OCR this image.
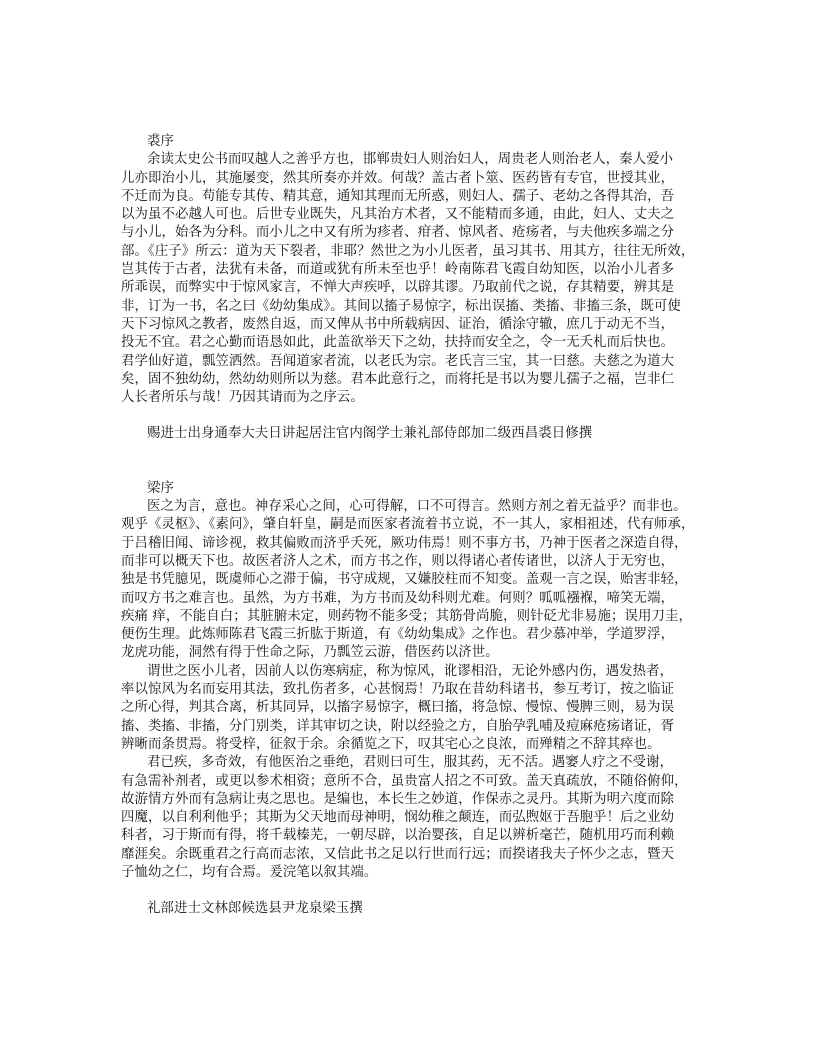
裘序
余读太史公书而叹越人之善乎方也，邯郸贵妇人则治妇人，周贵老人则治老人，秦人爱小
儿亦即治小儿，其施屡变，然其所奏亦并效。何哉？盖古者卜筮、医药皆有专官，世授其业，
不迁而为良。苟能专其传、精其意，通知其理而无所惑，则妇人、孺子、老幼之各得其治，吾
以为虽不必越人可也。后世专业既失，凡其治方术者，又不能精而多通，由此，妇人、丈夫之
与小儿，始各为分科。而小儿之中又有所为疹者、疳者、惊风者、疮疡者，与夫他疾多端之分
部。《庄子》所云：道为天下裂者，非耶？然世之为小儿医者，虽习其书、用其方，往往无所效，
岂其传于古者，法犹有未备，而道或犹有所未至也乎！岭南陈君飞霞自幼知医，以治小儿者多
所乖误，而弊实中于惊风家言，不惮大声疾呼，以辟其谬。乃取前代之说，存其精要，辨其是
非，订为一书，名之曰《幼幼集成》。其间以搐子易惊字，标出误搐、类搐、非搐三条，既可使
天下习惊风之教者，废然自返，而又俾从书中所载病因、证治，循涂守辙，庶几于动无不当，
投无不宜。君之心勤而语恳如此，此盖欲举天下之幼，扶持而安全之，令一无夭札而后快也。
君学仙好道，瓢笠洒然。吾闻道家者流，以老氏为宗。老氏言三宝，其一曰慈。夫慈之为道大
矣，固不独幼幼，然幼幼则所以为慈。君本此意行之，而将托是书以为婴儿孺子之福，岂非仁
人长者所乐与哉！乃因其请而为之序云。
赐进士出身通奉大夫日讲起居注官内阁学士兼礼部侍郎加二级西昌裘日修撰
梁序
医之为言，意也。神存采心之间，心可得解，口不可得言。然则方剂之着无益乎？而非也。
观乎《灵枢》、《素问》，肇自轩皇，嗣是而医家者流着书立说，不一其人，家相祖述，代有师承，
于吕稽旧闻、谛诊视，救其偏败而济乎夭死，厥功伟焉！则不事方书，乃神于医者之深造自得，
而非可以概天下也。故医者济人之术，而方书之作，则以得诸心者传诸世，以济人于无穷也，
独是书凭臆见，既虞师心之滞于偏，书守成规，又嫌胶柱而不知变。盖观一言之误，贻害非轻，
而叹方书之难言也。虽然，为方书难，为方书而及幼科则尤难。何则？呱呱襁褓，啼笑无端，
疾痛 痒，不能自白；其脏腑未定，则药物不能多受；其筋骨尚脆，则针砭尤非易施；误用刀圭，
便伤生理。此炼师陈君飞霞三折肱于斯道，有《幼幼集成》之作也。君少慕冲举，学道罗浮，
龙虎功能，洞然有得于性命之际，乃瓢笠云游，借医药以济世。
谓世之医小儿者，因前人以伤寒病症，称为惊风，讹谬相沿，无论外感内伤，遇发热者，
率以惊风为名而妄用其法，致扎伤者多，心甚悯焉！乃取在昔幼科诸书，参互考订，按之临证
之所心得，判其合离，析其同异，以搐字易惊字，概曰搐，将急惊、慢惊、慢脾三则，易为误
搐、类搐、非搐，分门别类，详其审切之诀，附以经验之方，自胎孕乳哺及痘麻疮疡诸证，胥
辨晰而条贯焉。将受梓，征叙于余。余循览之下，叹其宅心之良浓，而殚精之不辞其瘁也。
君已疾，多奇效，有他医治之垂绝，君则曰可生，服其药，无不活。遇窭人疗之不受谢，
有急需补剂者，或更以参术相资；意所不合，虽贵富人招之不可致。盖天真疏放，不随俗俯仰，
故游情方外而有急病让夷之思也。是编也，本长生之妙道，作保赤之灵丹。其斯为明六度而除
四魔，以自利利他乎；其斯为父天地而母神明，悯幼稚之颠连，而弘煦妪于吾胞乎！后之业幼
科者，习于斯而有得，将千载榛芜，一朝尽辟，以治婴孩，自足以辨析毫芒，随机用巧而利赖
靡涯矣。余既重君之行高而志浓，又信此书之足以行世而行远；而揆诸我夫子怀少之志，暨天
子恤幼之仁，均有合焉。爰浣笔以叙其端。
礼部进士文林郎候选县尹龙泉梁玉撰
